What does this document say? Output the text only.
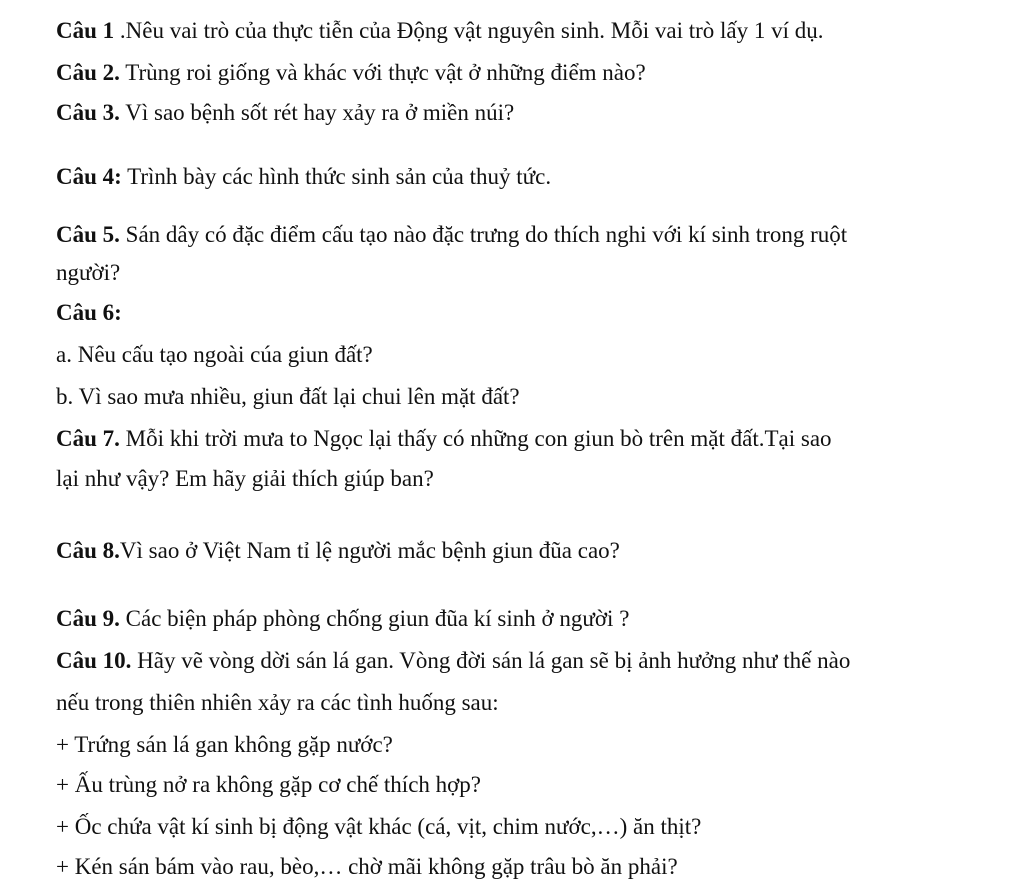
Câu 1 .Nêu vai trò của thực tiễn của Động vật nguyên sinh. Mỗi vai trò lấy 1 ví dụ.
Câu 2. Trùng roi giống và khác với thực vật ở những điểm nào?
Câu 3. Vì sao bệnh sốt rét hay xảy ra ở miền núi?
Câu 4: Trình bày các hình thức sinh sản của thuỷ tức.
Câu 5. Sán dây có đặc điểm cấu tạo nào đặc trưng do thích nghi với kí sinh trong ruột
người?
Câu 6:
a. Nêu cấu tạo ngoài cúa giun đất?
b. Vì sao mưa nhiều, giun đất lại chui lên mặt đất?
Câu 7. Mỗi khi trời mưa to Ngọc lại thấy có những con giun bò trên mặt đất.Tại sao
lại như vậy? Em hãy giải thích giúp ban?
Câu 8.Vì sao ở Việt Nam tỉ lệ người mắc bệnh giun đũa cao?
Câu 9. Các biện pháp phòng chống giun đũa kí sinh ở người ?
Câu 10. Hãy vẽ vòng dời sán lá gan. Vòng đời sán lá gan sẽ bị ảnh hưởng như thế nào
nếu trong thiên nhiên xảy ra các tình huống sau:
+ Trứng sán lá gan không gặp nước?
+ Ấu trùng nở ra không gặp cơ chế thích hợp?
+ Ốc chứa vật kí sinh bị động vật khác (cá, vịt, chim nước,…) ăn thịt?
+ Kén sán bám vào rau, bèo,… chờ mãi không gặp trâu bò ăn phải?
